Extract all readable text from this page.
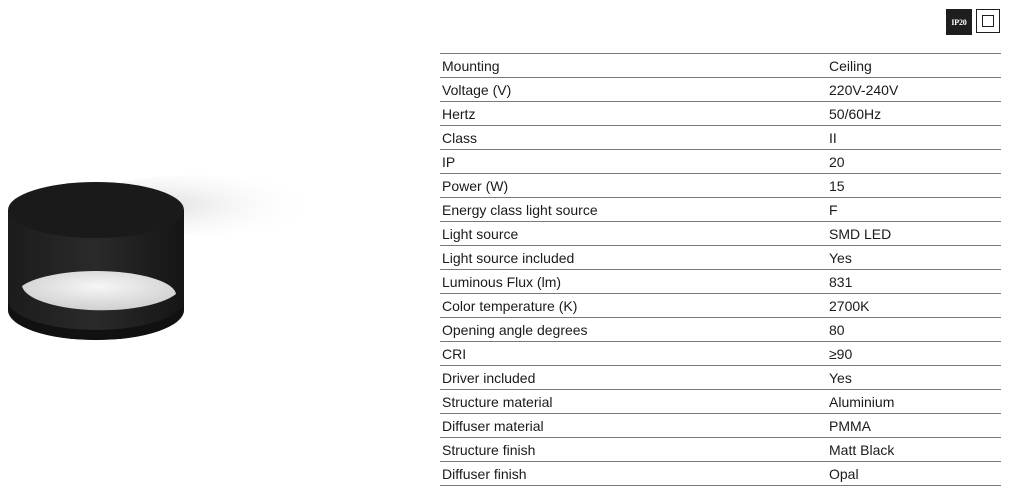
IP20
Mounting	Ceiling
Voltage (V)	220V-240V
Hertz	50/60Hz
Class	II
IP	20
Power (W)	15
Energy class light source	F
Light source	SMD LED
Light source included	Yes
Luminous Flux (lm)	831
Color temperature (K)	2700K
Opening angle degrees	80
CRI	≥90
Driver included	Yes
Structure material	Aluminium
Diffuser material	PMMA
Structure finish	Matt Black
Diffuser finish	Opal
